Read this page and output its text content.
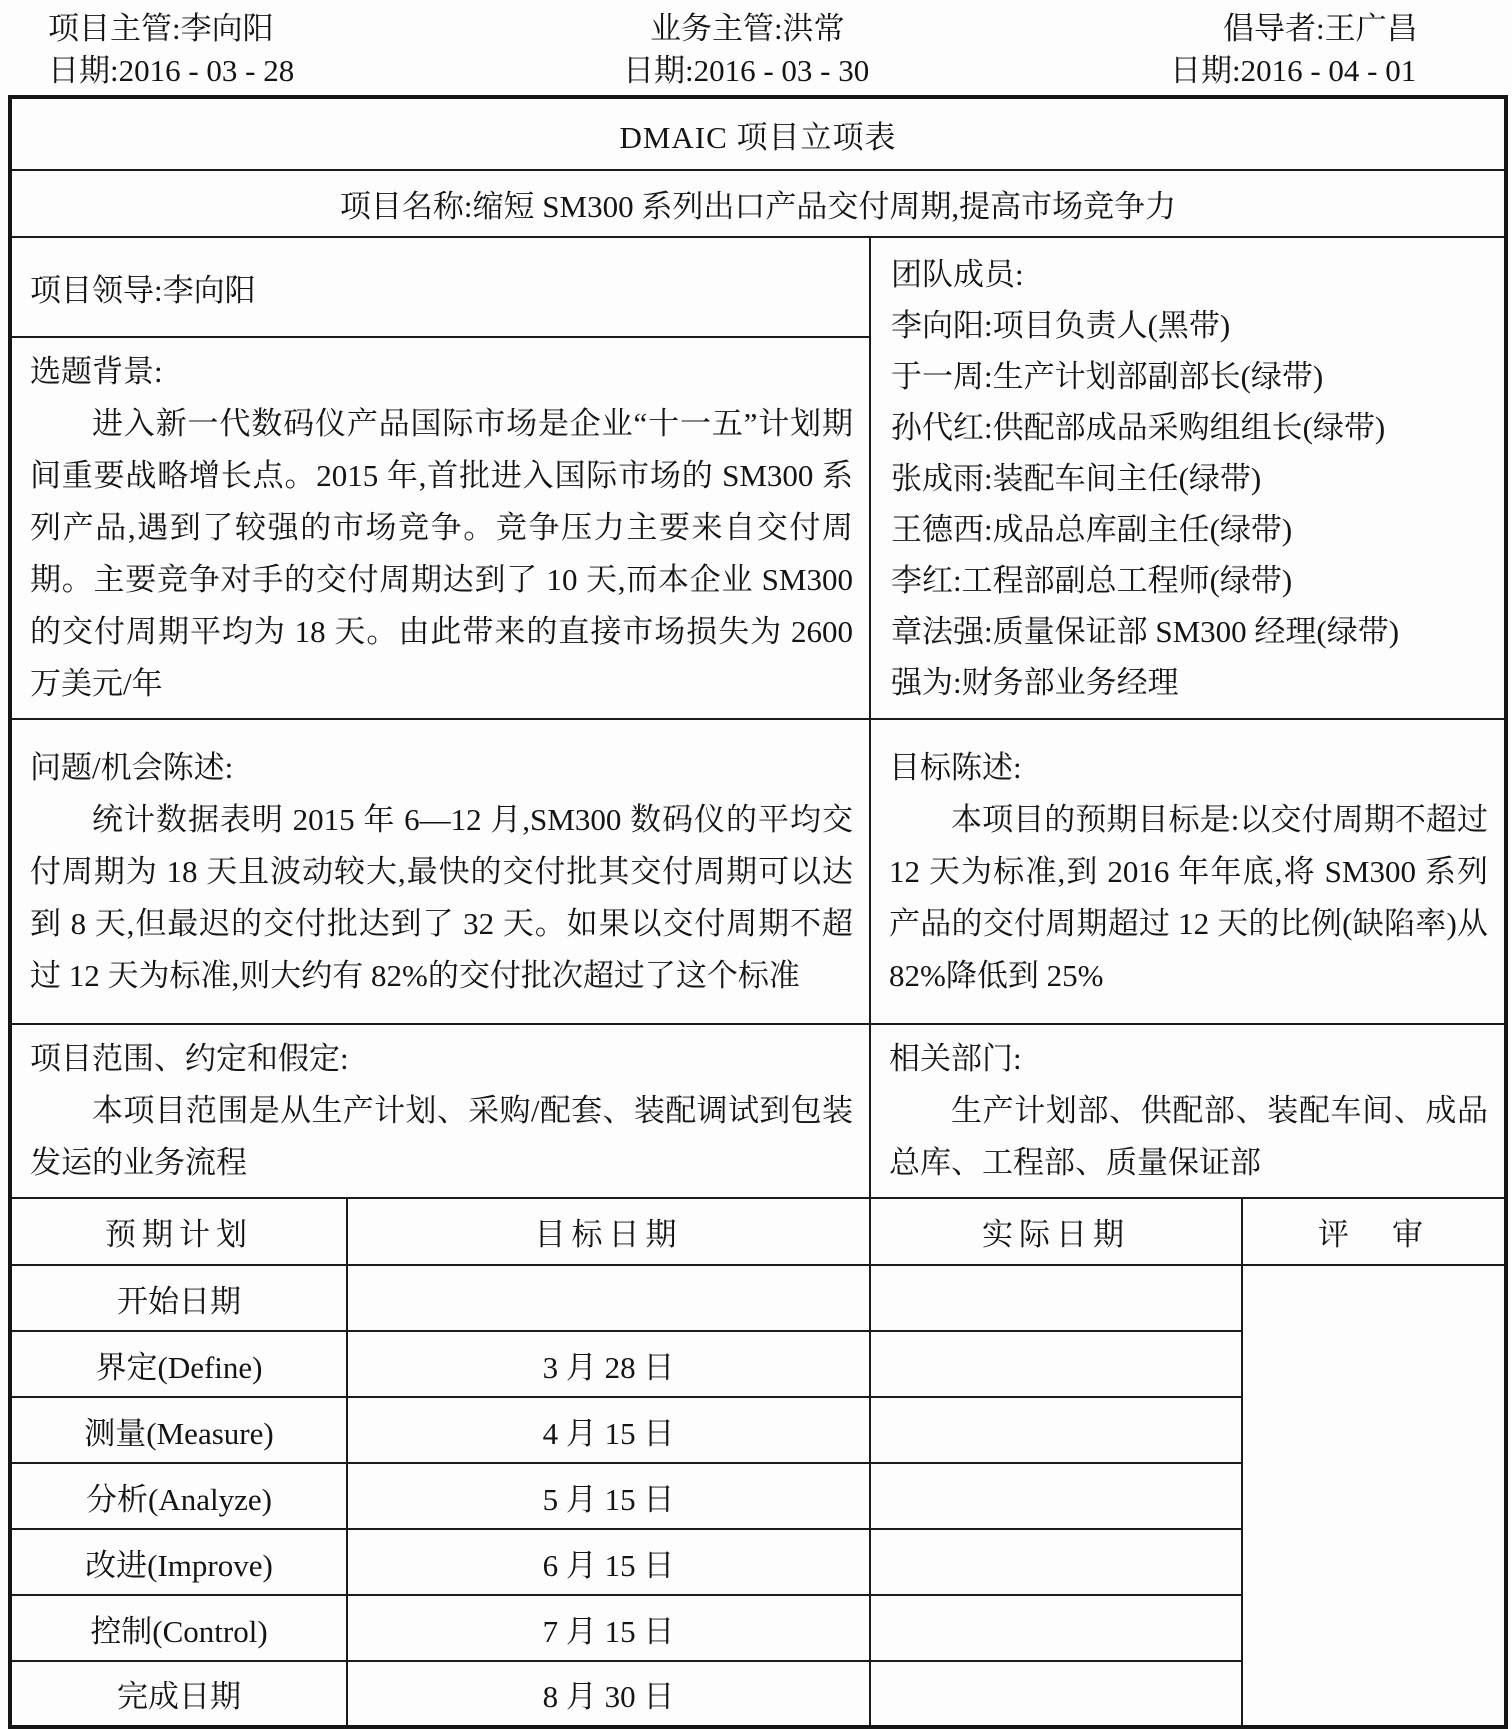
项目主管:李向阳
日期:2016 - 03 - 28
业务主管:洪常
日期:2016 - 03 - 30
倡导者:王广昌
日期:2016 - 04 - 01
DMAIC 项目立项表			
项目名称:缩短 SM300 系列出口产品交付周期,提高市场竞争力			
项目领导:李向阳	团队成员:
李向阳:项目负责人(黑带)
于一周:生产计划部副部长(绿带)
孙代红:供配部成品采购组组长(绿带)
张成雨:装配车间主任(绿带)
王德西:成品总库副主任(绿带)
李红:工程部副总工程师(绿带)
章法强:质量保证部 SM300 经理(绿带)
强为:财务部业务经理

选题背景:
进入新一代数码仪产品国际市场是企业“十一五”计划期间重要战略增长点。2015 年,首批进入国际市场的 SM300 系列产品,遇到了较强的市场竞争。竞争压力主要来自交付周期。主要竞争对手的交付周期达到了 10 天,而本企业 SM300 的交付周期平均为 18 天。由此带来的直接市场损失为 2600 万美元/年			

问题/机会陈述:
统计数据表明 2015 年 6—12 月,SM300 数码仪的平均交付周期为 18 天且波动较大,最快的交付批其交付周期可以达到 8 天,但最迟的交付批达到了 32 天。如果以交付周期不超过 12 天为标准,则大约有 82%的交付批次超过了这个标准

目标陈述:
本项目的预期目标是:以交付周期不超过 12 天为标准,到 2016 年年底,将 SM300 系列产品的交付周期超过 12 天的比例(缺陷率)从 82%降低到 25%

项目范围、约定和假定:
本项目范围是从生产计划、采购/配套、装配调试到包装发运的业务流程

相关部门:
生产计划部、供配部、装配车间、成品总库、工程部、质量保证部

预期计划	目标日期	实际日期	评　审
开始日期			
界定(Define)	3 月 28 日		
测量(Measure)	4 月 15 日		
分析(Analyze)	5 月 15 日		
改进(Improve)	6 月 15 日		
控制(Control)	7 月 15 日		
完成日期	8 月 30 日		
